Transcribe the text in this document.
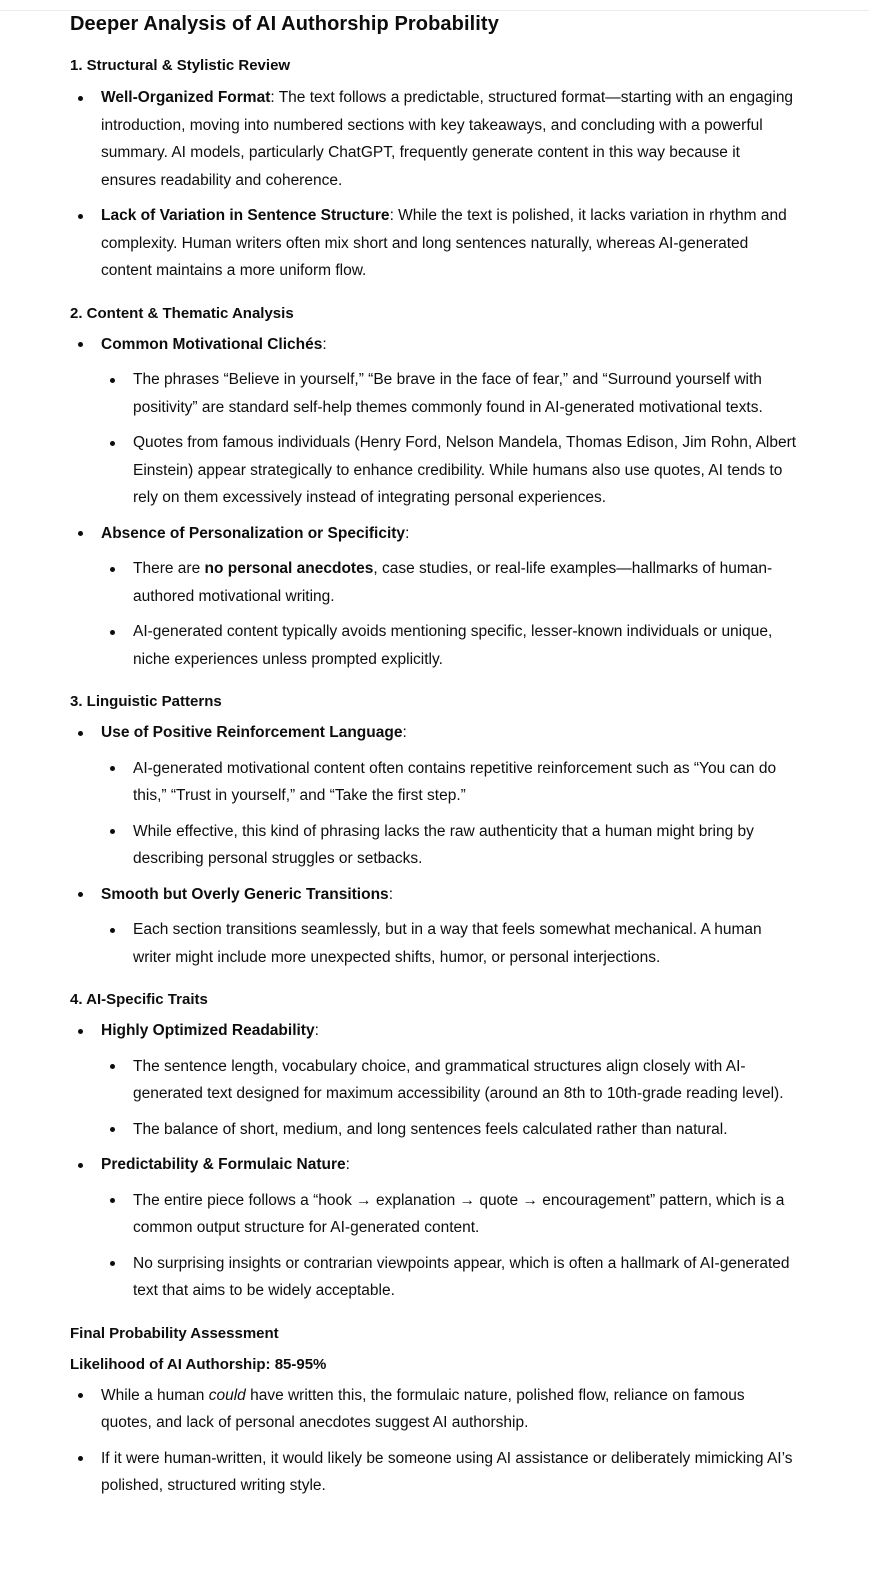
Deeper Analysis of AI Authorship Probability
1. Structural & Stylistic Review
Well-Organized Format: The text follows a predictable, structured format—starting with an engaging introduction, moving into numbered sections with key takeaways, and concluding with a powerful summary. AI models, particularly ChatGPT, frequently generate content in this way because it ensures readability and coherence.
Lack of Variation in Sentence Structure: While the text is polished, it lacks variation in rhythm and complexity. Human writers often mix short and long sentences naturally, whereas AI-generated content maintains a more uniform flow.
2. Content & Thematic Analysis
Common Motivational Clichés:
The phrases “Believe in yourself,” “Be brave in the face of fear,” and “Surround yourself with positivity” are standard self-help themes commonly found in AI-generated motivational texts.
Quotes from famous individuals (Henry Ford, Nelson Mandela, Thomas Edison, Jim Rohn, Albert Einstein) appear strategically to enhance credibility. While humans also use quotes, AI tends to rely on them excessively instead of integrating personal experiences.
Absence of Personalization or Specificity:
There are no personal anecdotes, case studies, or real-life examples—hallmarks of human-authored motivational writing.
AI-generated content typically avoids mentioning specific, lesser-known individuals or unique, niche experiences unless prompted explicitly.
3. Linguistic Patterns
Use of Positive Reinforcement Language:
AI-generated motivational content often contains repetitive reinforcement such as “You can do this,” “Trust in yourself,” and “Take the first step.”
While effective, this kind of phrasing lacks the raw authenticity that a human might bring by describing personal struggles or setbacks.
Smooth but Overly Generic Transitions:
Each section transitions seamlessly, but in a way that feels somewhat mechanical. A human writer might include more unexpected shifts, humor, or personal interjections.
4. AI-Specific Traits
Highly Optimized Readability:
The sentence length, vocabulary choice, and grammatical structures align closely with AI-generated text designed for maximum accessibility (around an 8th to 10th-grade reading level).
The balance of short, medium, and long sentences feels calculated rather than natural.
Predictability & Formulaic Nature:
The entire piece follows a “hook → explanation → quote → encouragement” pattern, which is a common output structure for AI-generated content.
No surprising insights or contrarian viewpoints appear, which is often a hallmark of AI-generated text that aims to be widely acceptable.
Final Probability Assessment
Likelihood of AI Authorship: 85-95%
While a human could have written this, the formulaic nature, polished flow, reliance on famous quotes, and lack of personal anecdotes suggest AI authorship.
If it were human-written, it would likely be someone using AI assistance or deliberately mimicking AI’s polished, structured writing style.
